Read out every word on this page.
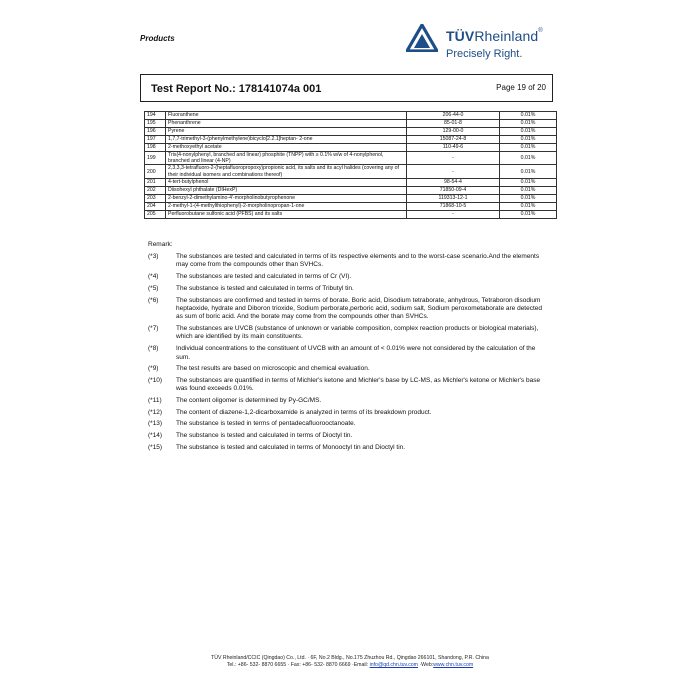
Products	TÜVRheinland®
Precisely Right.
Test Report No.: 178141074a 001	Page 19 of 20
194	Fluoranthene	206-44-0	0.01%
195	Phenanthrene	85-01-8	0.01%
196	Pyrene	129-00-0	0.01%
197	1,7,7-trimethyl-3-(phenylmethylene)bicyclo[2.2.1]heptan- 2-one	15087-24-8	0.01%
198	2-methoxyethyl acetate	110-49-6	0.01%
199	Tris(4-nonylphenyl, branched and linear) phosphite (TNPP) with ≥ 0.1% w/w of 4-nonylphenol, branched and linear (4-NP)	-	0.01%
200	2,3,3,3-tetrafluoro-2-(heptafluoropropoxy)propionic acid, its salts and its acyl halides (covering any of their individual isomers and combinations thereof)	-	0.01%
201	4-tert-butylphenol	98-54-4	0.01%
202	Diisohexyl phthalate (DIHexP)	71850-09-4	0.01%
203	2-benzyl-2-dimethylamino-4'-morpholinobutyrophenone	119313-12-1	0.01%
204	2-methyl-1-(4-methylthiophenyl)-2-morpholinopropan-1-one	71868-10-5	0.01%
205	Perfluorobutane sulfonic acid (PFBS) and its salts	-	0.01%
Remark:
(*3)	The substances are tested and calculated in terms of its respective elements and to the worst-case scenario.And the elements may come from the compounds other than SVHCs.
(*4)	The substances are tested and calculated in terms of Cr (VI).
(*5)	The substance is tested and calculated in terms of Tributyl tin.
(*6)	The substances are confirmed and tested in terms of borate. Boric acid, Disodium tetraborate, anhydrous, Tetraboron disodium heptaoxide, hydrate and Diboron trioxide, Sodium perborate,perboric acid, sodium salt, Sodium peroxometaborate are detected as sum of boric acid. And the borate may come from the compounds other than SVHCs.
(*7)	The substances are UVCB (substance of unknown or variable composition, complex reaction products or biological materials), which are identified by its main constituents.
(*8)	Individual concentrations to the constituent of UVCB with an amount of < 0.01% were not considered by the calculation of the sum.
(*9)	The test results are based on microscopic and chemical evaluation.
(*10)	The substances are quantified in terms of Michler's ketone and Michler's base by LC-MS, as Michler's ketone or Michler's base was found exceeds 0.01%.
(*11)	The content oligomer is determined by Py-GC/MS.
(*12)	The content of diazene-1,2-dicarboxamide is analyzed in terms of its breakdown product.
(*13)	The substance is tested in terms of pentadecafluorooctanoate.
(*14)	The substance is tested and calculated in terms of Dioctyl tin.
(*15)	The substance is tested and calculated in terms of Monooctyl tin and Dioctyl tin.
TÜV Rheinland/CCIC (Qingdao) Co., Ltd. · 6F, No.2 Bldg., No.175 Zhuzhou Rd., Qingdao 266101, Shandong, P.R. China
Tel.: +86- 532- 8870 6655 · Fax: +86- 532- 8870 6669 ·Email: info@qd.chn.tuv.com ·Web:www.chn.tuv.com
